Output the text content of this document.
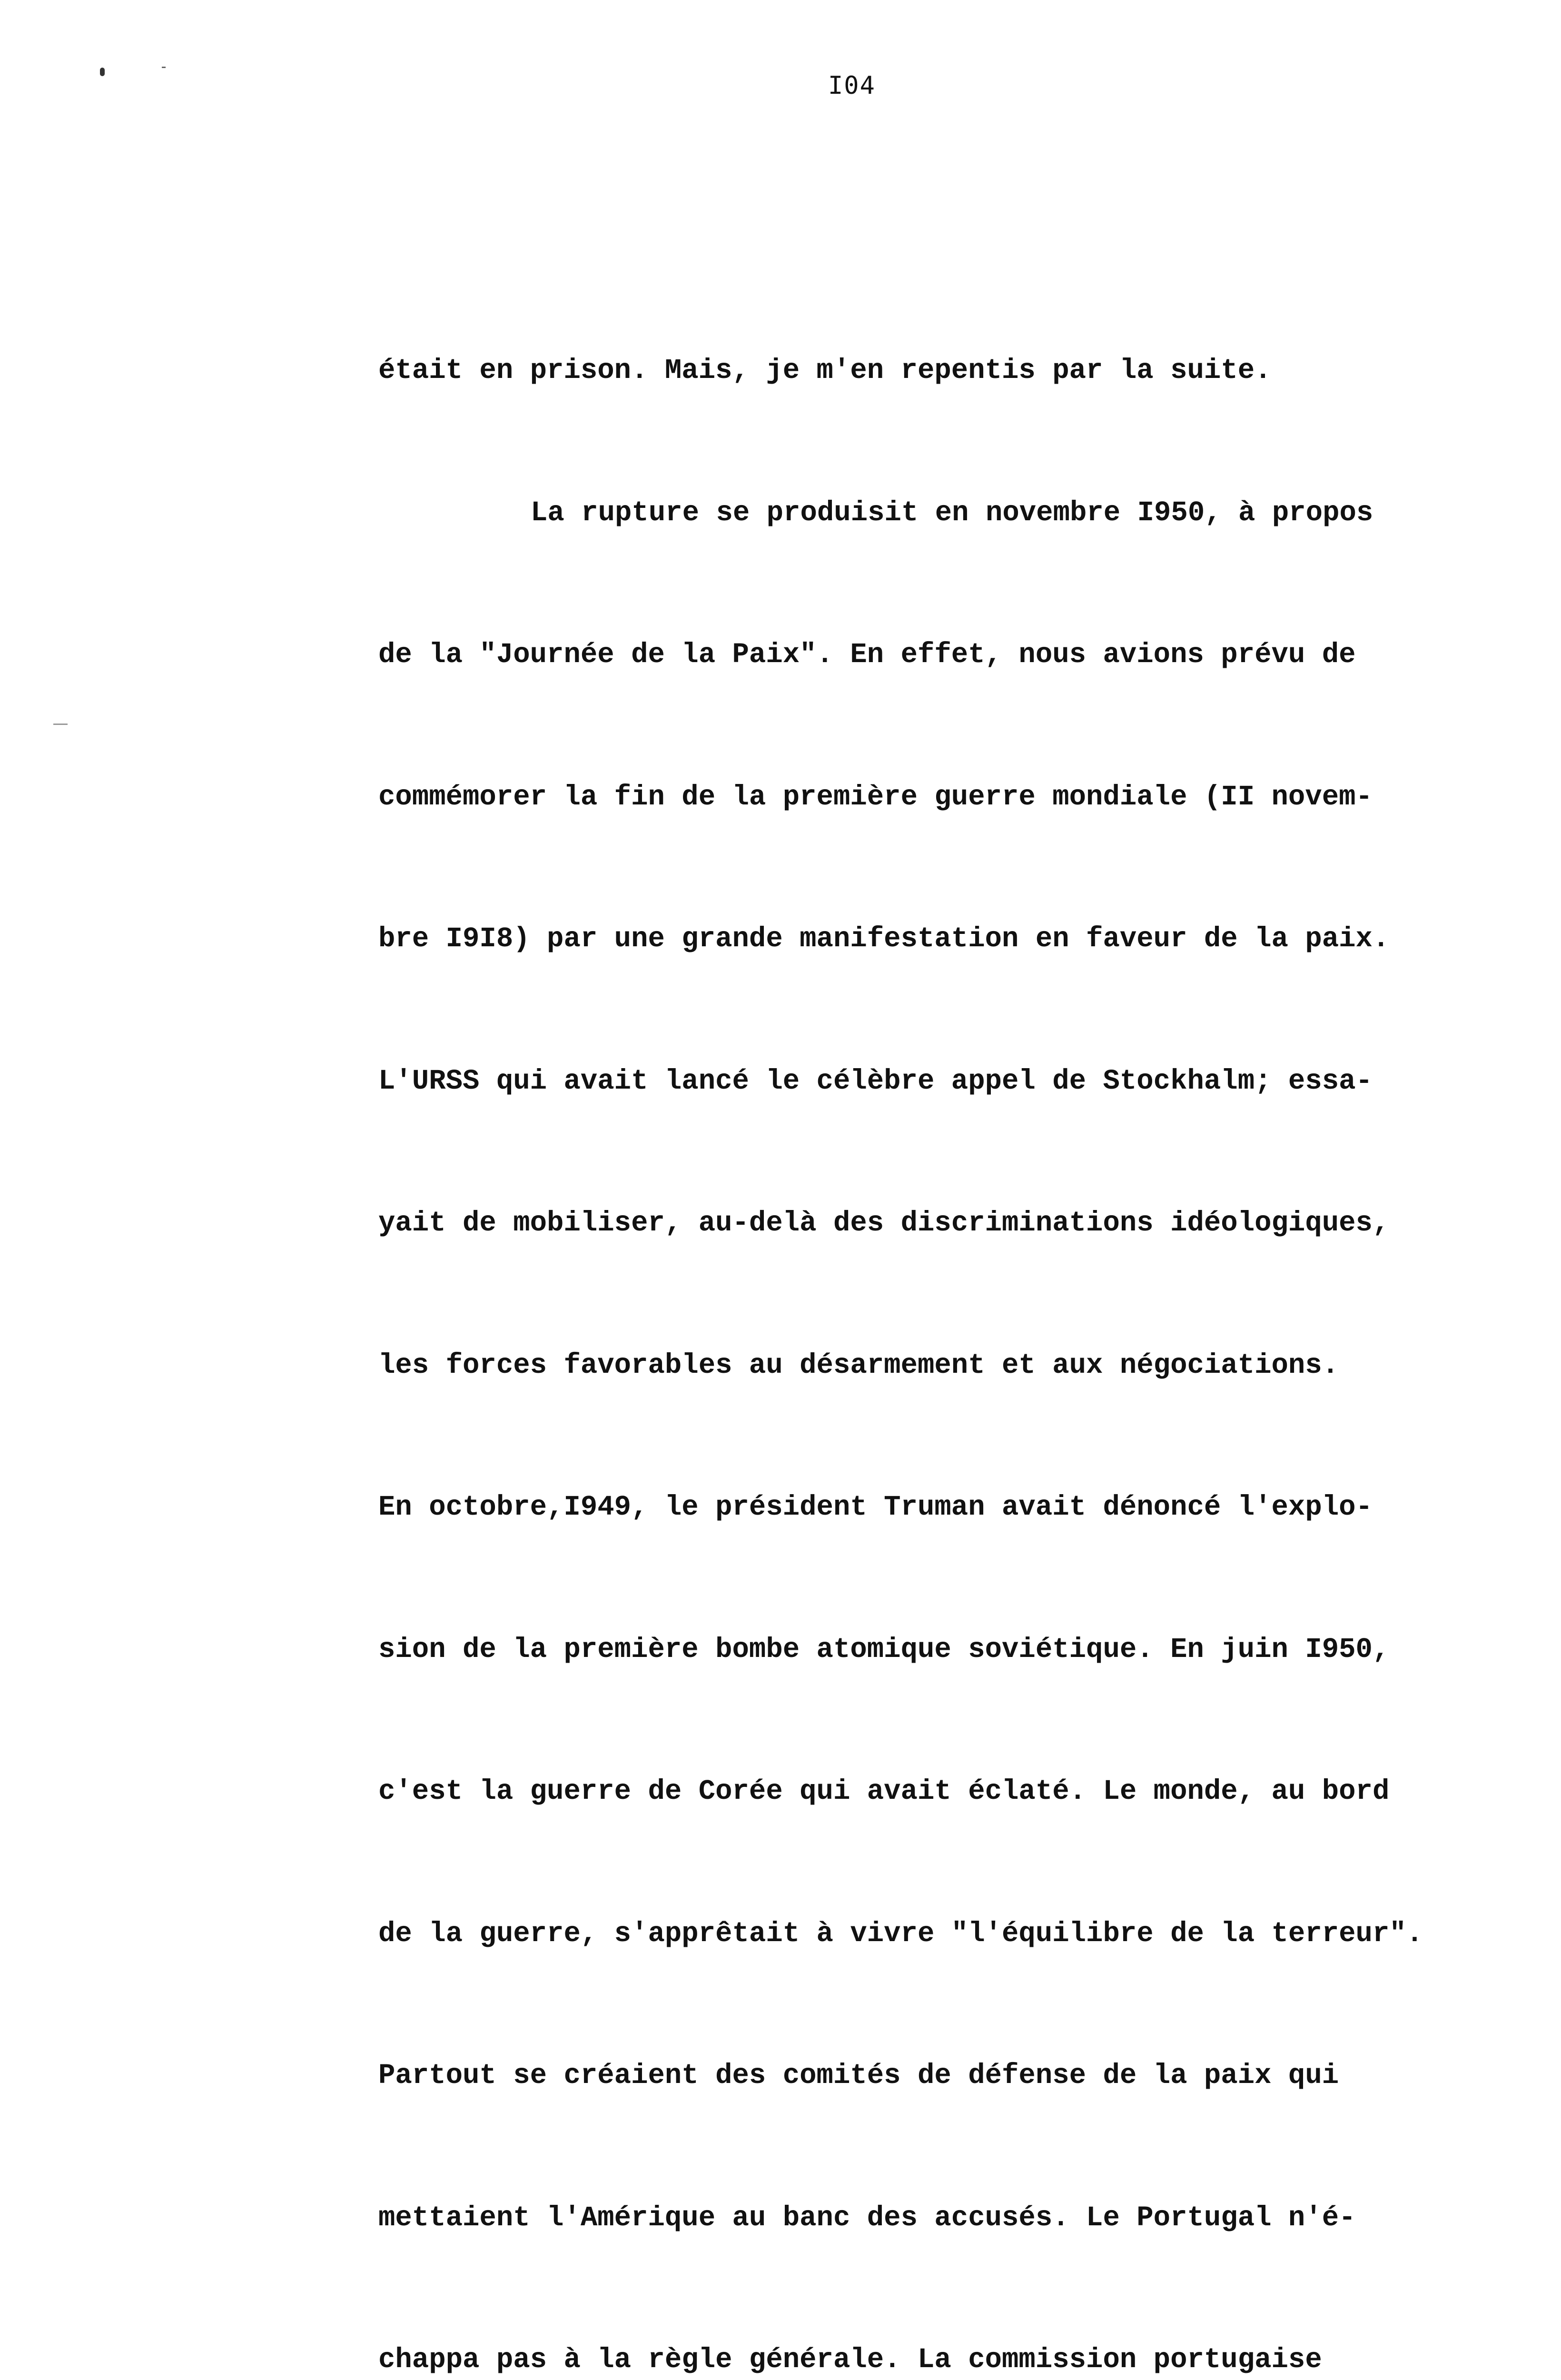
I04

était en prison. Mais, je m'en repentis par la suite.

La rupture se produisit en novembre I950, à propos

de la "Journée de la Paix". En effet, nous avions prévu de

commémorer la fin de la première guerre mondiale (II novem-

bre I9I8) par une grande manifestation en faveur de la paix.

L'URSS qui avait lancé le célèbre appel de Stockhalm; essa-

yait de mobiliser, au-delà des discriminations idéologiques,

les forces favorables au désarmement et aux négociations.

En octobre,I949, le président Truman avait dénoncé l'explo-

sion de la première bombe atomique soviétique. En juin I950,

c'est la guerre de Corée qui avait éclaté. Le monde, au bord

de la guerre, s'apprêtait à vivre "l'équilibre de la terreur".

Partout se créaient des comités de défense de la paix qui

mettaient l'Amérique au banc des accusés. Le Portugal n'é-

chappa pas à la règle générale. La commission portugaise
